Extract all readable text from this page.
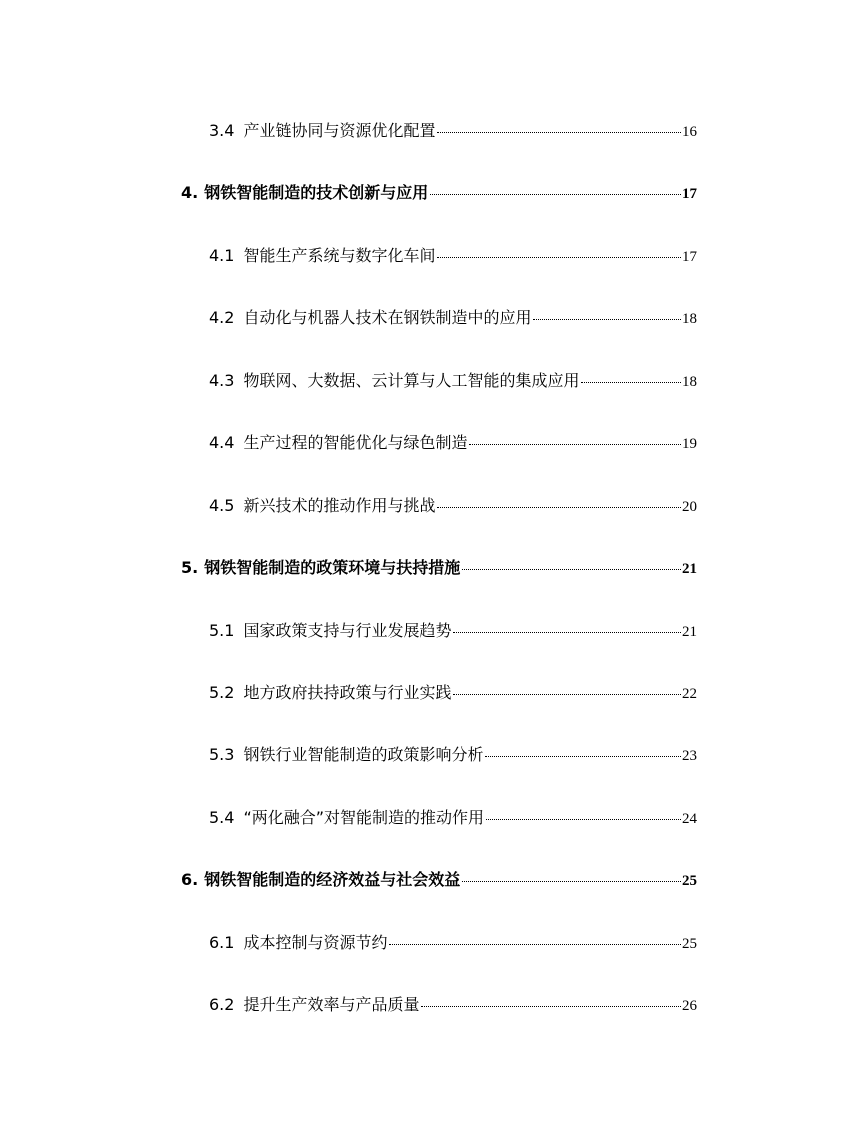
3.4 产业链协同与资源优化配置	16
4. 钢铁智能制造的技术创新与应用	17
4.1 智能生产系统与数字化车间	17
4.2 自动化与机器人技术在钢铁制造中的应用	18
4.3 物联网、大数据、云计算与人工智能的集成应用	18
4.4 生产过程的智能优化与绿色制造	19
4.5 新兴技术的推动作用与挑战	20
5. 钢铁智能制造的政策环境与扶持措施	21
5.1 国家政策支持与行业发展趋势	21
5.2 地方政府扶持政策与行业实践	22
5.3 钢铁行业智能制造的政策影响分析	23
5.4 “两化融合”对智能制造的推动作用	24
6. 钢铁智能制造的经济效益与社会效益	25
6.1 成本控制与资源节约	25
6.2 提升生产效率与产品质量	26
